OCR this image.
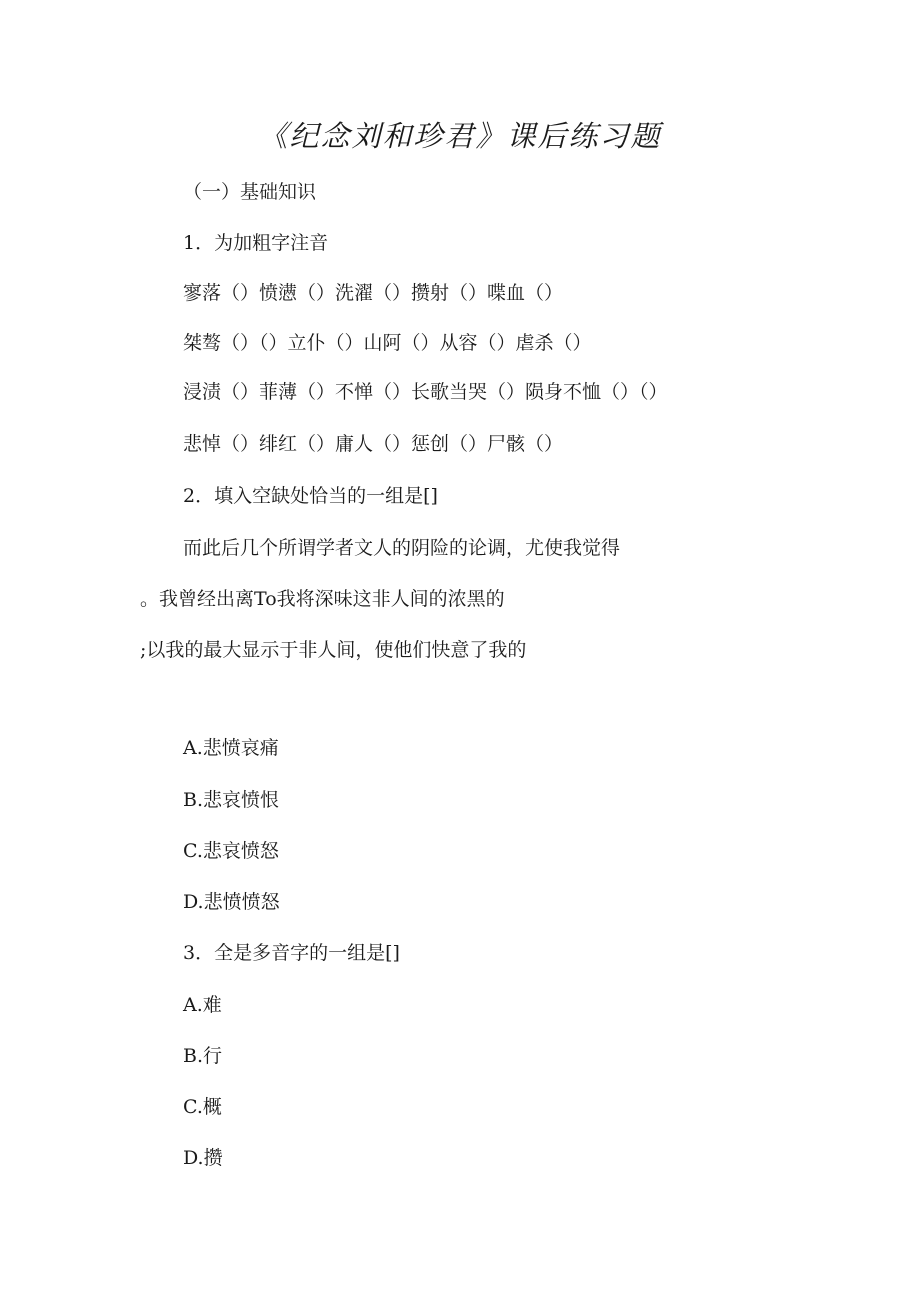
《纪念刘和珍君》课后练习题
（一）基础知识
1．为加粗字注音
寥落（）愤懑（）洗濯（）攒射（）喋血（）
桀骜（）（）立仆（）山阿（）从容（）虐杀（）
浸渍（）菲薄（）不惮（）长歌当哭（）陨身不恤（）（）
悲悼（）绯红（）庸人（）惩创（）尸骸（）
2．填入空缺处恰当的一组是[]
而此后几个所谓学者文人的阴险的论调，尤使我觉得
。我曾经出离To我将深味这非人间的浓黑的
;以我的最大显示于非人间，使他们快意了我的
A.悲愤哀痛
B.悲哀愤恨
C.悲哀愤怒
D.悲愤愤怒
3．全是多音字的一组是[]
A.难
B.行
C.概
D.攒
